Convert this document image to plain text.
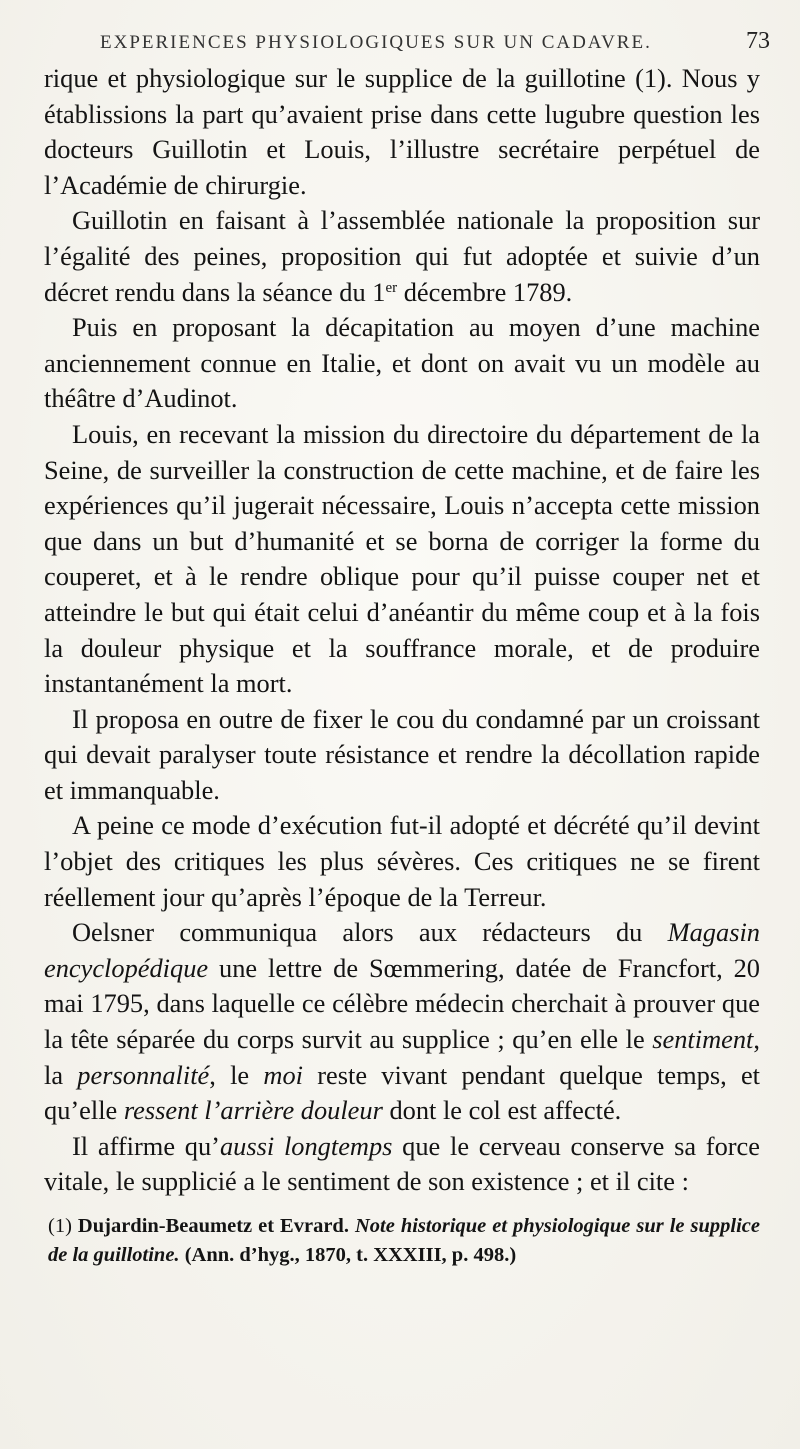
EXPERIENCES PHYSIOLOGIQUES SUR UN CADAVRE.	73

rique et physiologique sur le supplice de la guillotine (1). Nous y établissions la part qu’avaient prise dans cette lugubre question les docteurs Guillotin et Louis, l’illustre secrétaire perpétuel de l’Académie de chirurgie.

Guillotin en faisant à l’assemblée nationale la proposition sur l’égalité des peines, proposition qui fut adoptée et suivie d’un décret rendu dans la séance du 1er décembre 1789.

Puis en proposant la décapitation au moyen d’une machine anciennement connue en Italie, et dont on avait vu un modèle au théâtre d’Audinot.

Louis, en recevant la mission du directoire du département de la Seine, de surveiller la construction de cette machine, et de faire les expériences qu’il jugerait nécessaire, Louis n’accepta cette mission que dans un but d’humanité et se borna de corriger la forme du couperet, et à le rendre oblique pour qu’il puisse couper net et atteindre le but qui était celui d’anéantir du même coup et à la fois la douleur physique et la souffrance morale, et de produire instantanément la mort.

Il proposa en outre de fixer le cou du condamné par un croissant qui devait paralyser toute résistance et rendre la décollation rapide et immanquable.

A peine ce mode d’exécution fut-il adopté et décrété qu’il devint l’objet des critiques les plus sévères. Ces critiques ne se firent réellement jour qu’après l’époque de la Terreur.

Oelsner communiqua alors aux rédacteurs du Magasin encyclopédique une lettre de Sœmmering, datée de Francfort, 20 mai 1795, dans laquelle ce célèbre médecin cherchait à prouver que la tête séparée du corps survit au supplice ; qu’en elle le sentiment, la personnalité, le moi reste vivant pendant quelque temps, et qu’elle ressent l’arrière douleur dont le col est affecté.

Il affirme qu’aussi longtemps que le cerveau conserve sa force vitale, le supplicié a le sentiment de son existence ; et il cite :

(1) Dujardin-Beaumetz et Evrard. Note historique et physiologique sur le supplice de la guillotine. (Ann. d’hyg., 1870, t. XXXIII, p. 498.)
